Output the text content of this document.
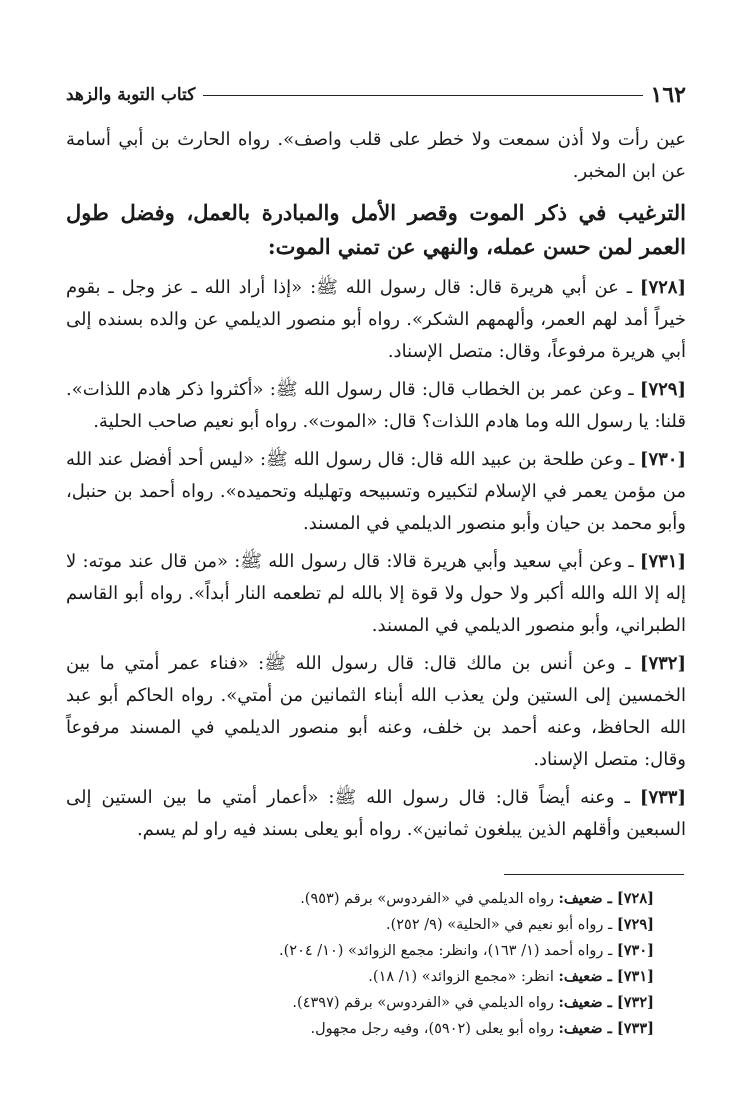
١٦٢
كتاب التوبة والزهد

عين رأت ولا أذن سمعت ولا خطر على قلب واصف». رواه الحارث بن أبي أسامة عن ابن المخبر.

الترغيب في ذكر الموت وقصر الأمل والمبادرة بالعمل، وفضل طول العمر لمن حسن عمله، والنهي عن تمني الموت:

[٧٢٨] ـ عن أبي هريرة قال: قال رسول الله ﷺ: «إذا أراد الله ـ عز وجل ـ بقوم خيراً أمد لهم العمر، وألهمهم الشكر». رواه أبو منصور الديلمي عن والده بسنده إلى أبي هريرة مرفوعاً، وقال: متصل الإسناد.

[٧٢٩] ـ وعن عمر بن الخطاب قال: قال رسول الله ﷺ: «أكثروا ذكر هادم اللذات». قلنا: يا رسول الله وما هادم اللذات؟ قال: «الموت». رواه أبو نعيم صاحب الحلية.

[٧٣٠] ـ وعن طلحة بن عبيد الله قال: قال رسول الله ﷺ: «ليس أحد أفضل عند الله من مؤمن يعمر في الإسلام لتكبيره وتسبيحه وتهليله وتحميده». رواه أحمد بن حنبل، وأبو محمد بن حيان وأبو منصور الديلمي في المسند.

[٧٣١] ـ وعن أبي سعيد وأبي هريرة قالا: قال رسول الله ﷺ: «من قال عند موته: لا إله إلا الله والله أكبر ولا حول ولا قوة إلا بالله لم تطعمه النار أبداً». رواه أبو القاسم الطبراني، وأبو منصور الديلمي في المسند.

[٧٣٢] ـ وعن أنس بن مالك قال: قال رسول الله ﷺ: «فناء عمر أمتي ما بين الخمسين إلى الستين ولن يعذب الله أبناء الثمانين من أمتي». رواه الحاكم أبو عبد الله الحافظ، وعنه أحمد بن خلف، وعنه أبو منصور الديلمي في المسند مرفوعاً وقال: متصل الإسناد.

[٧٣٣] ـ وعنه أيضاً قال: قال رسول الله ﷺ: «أعمار أمتي ما بين الستين إلى السبعين وأقلهم الذين يبلغون ثمانين». رواه أبو يعلى بسند فيه راو لم يسم.

[٧٢٨] ـ ضعيف: رواه الديلمي في «الفردوس» برقم (٩٥٣).

[٧٢٩] ـ رواه أبو نعيم في «الحلية» (٩/ ٢٥٢).

[٧٣٠] ـ رواه أحمد (١/ ١٦٣)، وانظر: مجمع الزوائد» (١٠/ ٢٠٤).

[٧٣١] ـ ضعيف: انظر: «مجمع الزوائد» (١/ ١٨).

[٧٣٢] ـ ضعيف: رواه الديلمي في «الفردوس» برقم (٤٣٩٧).

[٧٣٣] ـ ضعيف: رواه أبو يعلى (٥٩٠٢)، وفيه رجل مجهول.
